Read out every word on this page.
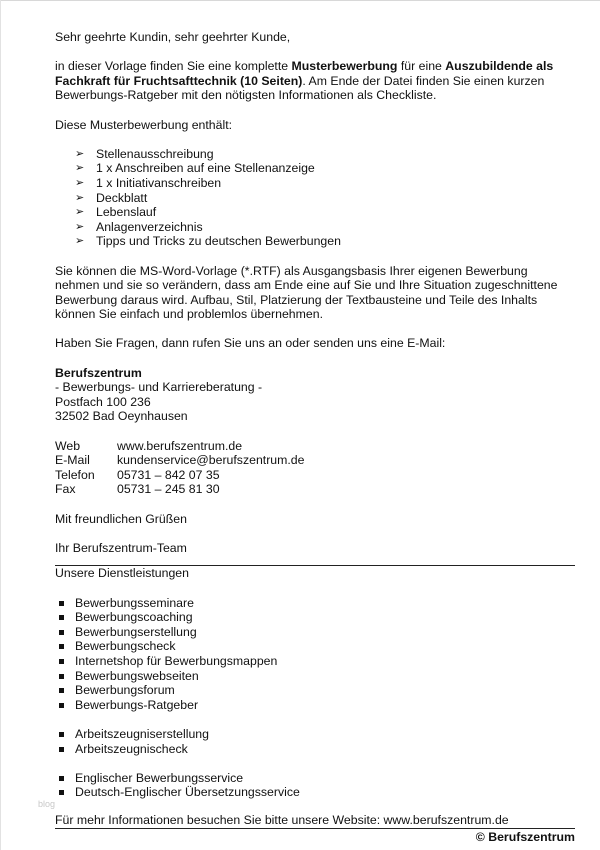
Sehr geehrte Kundin, sehr geehrter Kunde,

in dieser Vorlage finden Sie eine komplette Musterbewerbung für eine Auszubildende als Fachkraft für Fruchtsafttechnik (10 Seiten). Am Ende der Datei finden Sie einen kurzen Bewerbungs-Ratgeber mit den nötigsten Informationen als Checkliste.

Diese Musterbewerbung enthält:

➢ Stellenausschreibung
➢ 1 x Anschreiben auf eine Stellenanzeige
➢ 1 x Initiativanschreiben
➢ Deckblatt
➢ Lebenslauf
➢ Anlagenverzeichnis
➢ Tipps und Tricks zu deutschen Bewerbungen

Sie können die MS-Word-Vorlage (*.RTF) als Ausgangsbasis Ihrer eigenen Bewerbung nehmen und sie so verändern, dass am Ende eine auf Sie und Ihre Situation zugeschnittene Bewerbung daraus wird. Aufbau, Stil, Platzierung der Textbausteine und Teile des Inhalts können Sie einfach und problemlos übernehmen.

Haben Sie Fragen, dann rufen Sie uns an oder senden uns eine E-Mail:

Berufszentrum

- Bewerbungs- und Karriereberatung -

Postfach 100 236

32502 Bad Oeynhausen

Web	www.berufszentrum.de
E-Mail	kundenservice@berufszentrum.de
Telefon	05731 – 842 07 35
Fax	05731 – 245 81 30

Mit freundlichen Grüßen

Ihr Berufszentrum-Team

Unsere Dienstleistungen

Bewerbungsseminare
Bewerbungscoaching
Bewerbungserstellung
Bewerbungscheck
Internetshop für Bewerbungsmappen
Bewerbungswebseiten
Bewerbungsforum
Bewerbungs-Ratgeber
Arbeitszeugniserstellung
Arbeitszeugnischeck
Englischer Bewerbungsservice
Deutsch-Englischer Übersetzungsservice
blog

Für mehr Informationen besuchen Sie bitte unsere Website: www.berufszentrum.de

© Berufszentrum
